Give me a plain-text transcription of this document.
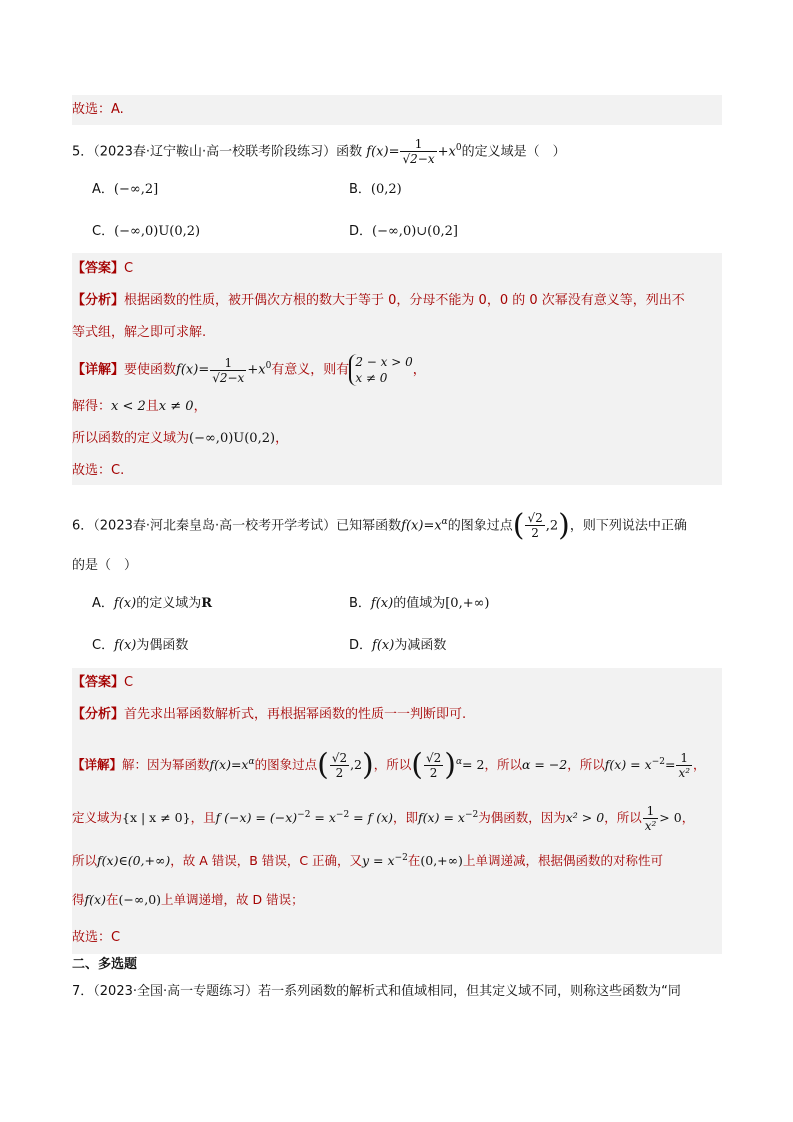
故选：A.
5．（2023春·辽宁鞍山·高一校联考阶段练习）函数 $f(x)= \frac{1}{√2-x} +x^0$的定义域是（　）
A．(−∞,2]	B．(0,2)
C．(−∞,0)U(0,2)	D．(−∞,0)∪(0,2]
【答案】C
【分析】根据函数的性质，被开偶次方根的数大于等于 0，分母不能为 0，0 的 0 次幂没有意义等，列出不
等式组，解之即可求解.
【详解】要使函数$f(x)= \frac{1}{√2-x} +x^0$有意义，则有
2 − x > 0
x ≠ 0
，
解得：x < 2且x ≠ 0，
所以函数的定义域为(−∞,0)U(0,2)，
故选：C.
6．（2023春·河北秦皇岛·高一校考开学考试）已知幂函数$f(x)=x^\alpha$的图象过点( $\frac{√2}{2} ,2$)，则下列说法中正确
的是（　）
A．f(x)的定义域为R	B．f(x)的值域为[0,+∞)
C．f(x)为偶函数	D．f(x)为减函数
【答案】C
【分析】首先求出幂函数解析式，再根据幂函数的性质一一判断即可.
【详解】解：因为幂函数$f(x)=x^\alpha$的图象过点( $\frac{√2}{2} ,2$)，所以( $\frac{√2}{2} )^\alpha= 2$，所以α = −2，所以$f(x) = x^{-2}= \frac{1}{\text{x²}}$ ，
定义域为{x | x ≠ 0}，且f $(-x) = (-x)^{-2} = x^{-2} = f$ (x)，即$f(x) = x^{-2}$为偶函数，因为x² > 0，所以 $\frac{1}{\text{x²}} > 0$，
所以f(x)∈(0,+∞)，故 A 错误，B 错误，C 正确，又$y = x^{-2}$在(0,+∞)上单调递减，根据偶函数的对称性可
得f(x)在(−∞,0)上单调递增，故 D 错误；
故选：C
二、多选题
7．（2023·全国·高一专题练习）若一系列函数的解析式和值域相同，但其定义域不同，则称这些函数为“同
